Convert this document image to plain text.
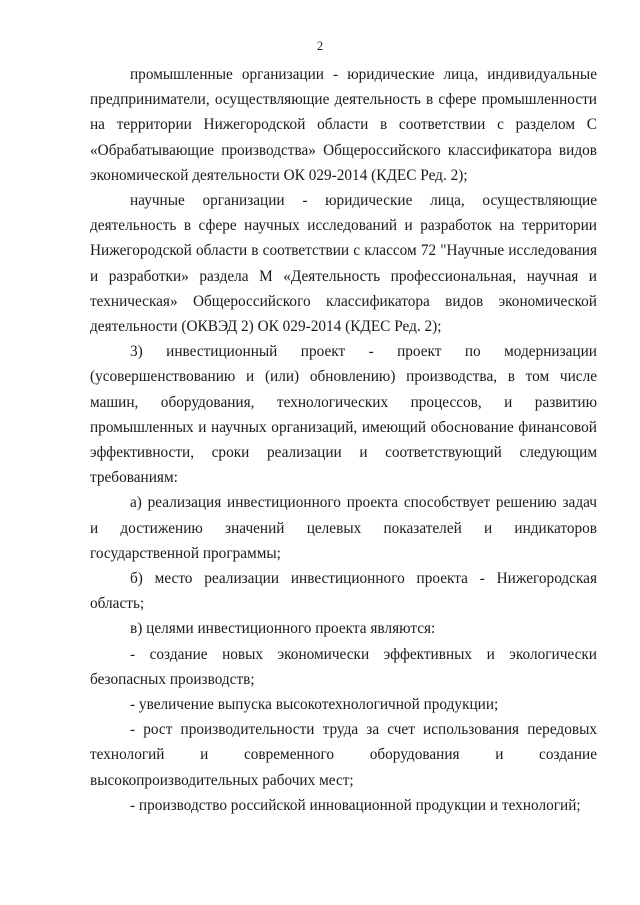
2

промышленные организации - юридические лица, индивидуальные предприниматели, осуществляющие деятельность в сфере промышленности на территории Нижегородской области в соответствии с разделом С «Обрабатывающие производства» Общероссийского классификатора видов экономической деятельности ОК 029-2014 (КДЕС Ред. 2);

научные организации - юридические лица, осуществляющие деятельность в сфере научных исследований и разработок на территории Нижегородской области в соответствии с классом 72 "Научные исследования и разработки» раздела М «Деятельность профессиональная, научная и техническая» Общероссийского классификатора видов экономической деятельности (ОКВЭД 2) ОК 029-2014 (КДЕС Ред. 2);

3) инвестиционный проект - проект по модернизации (усовершенствованию и (или) обновлению) производства, в том числе машин, оборудования, технологических процессов, и развитию промышленных и научных организаций, имеющий обоснование финансовой эффективности, сроки реализации и соответствующий следующим требованиям:

а) реализация инвестиционного проекта способствует решению задач и достижению значений целевых показателей и индикаторов государственной программы;

б) место реализации инвестиционного проекта - Нижегородская область;

в) целями инвестиционного проекта являются:

- создание новых экономически эффективных и экологически безопасных производств;

- увеличение выпуска высокотехнологичной продукции;

- рост производительности труда за счет использования передовых технологий и современного оборудования и создание высокопроизводительных рабочих мест;

- производство российской инновационной продукции и технологий;
